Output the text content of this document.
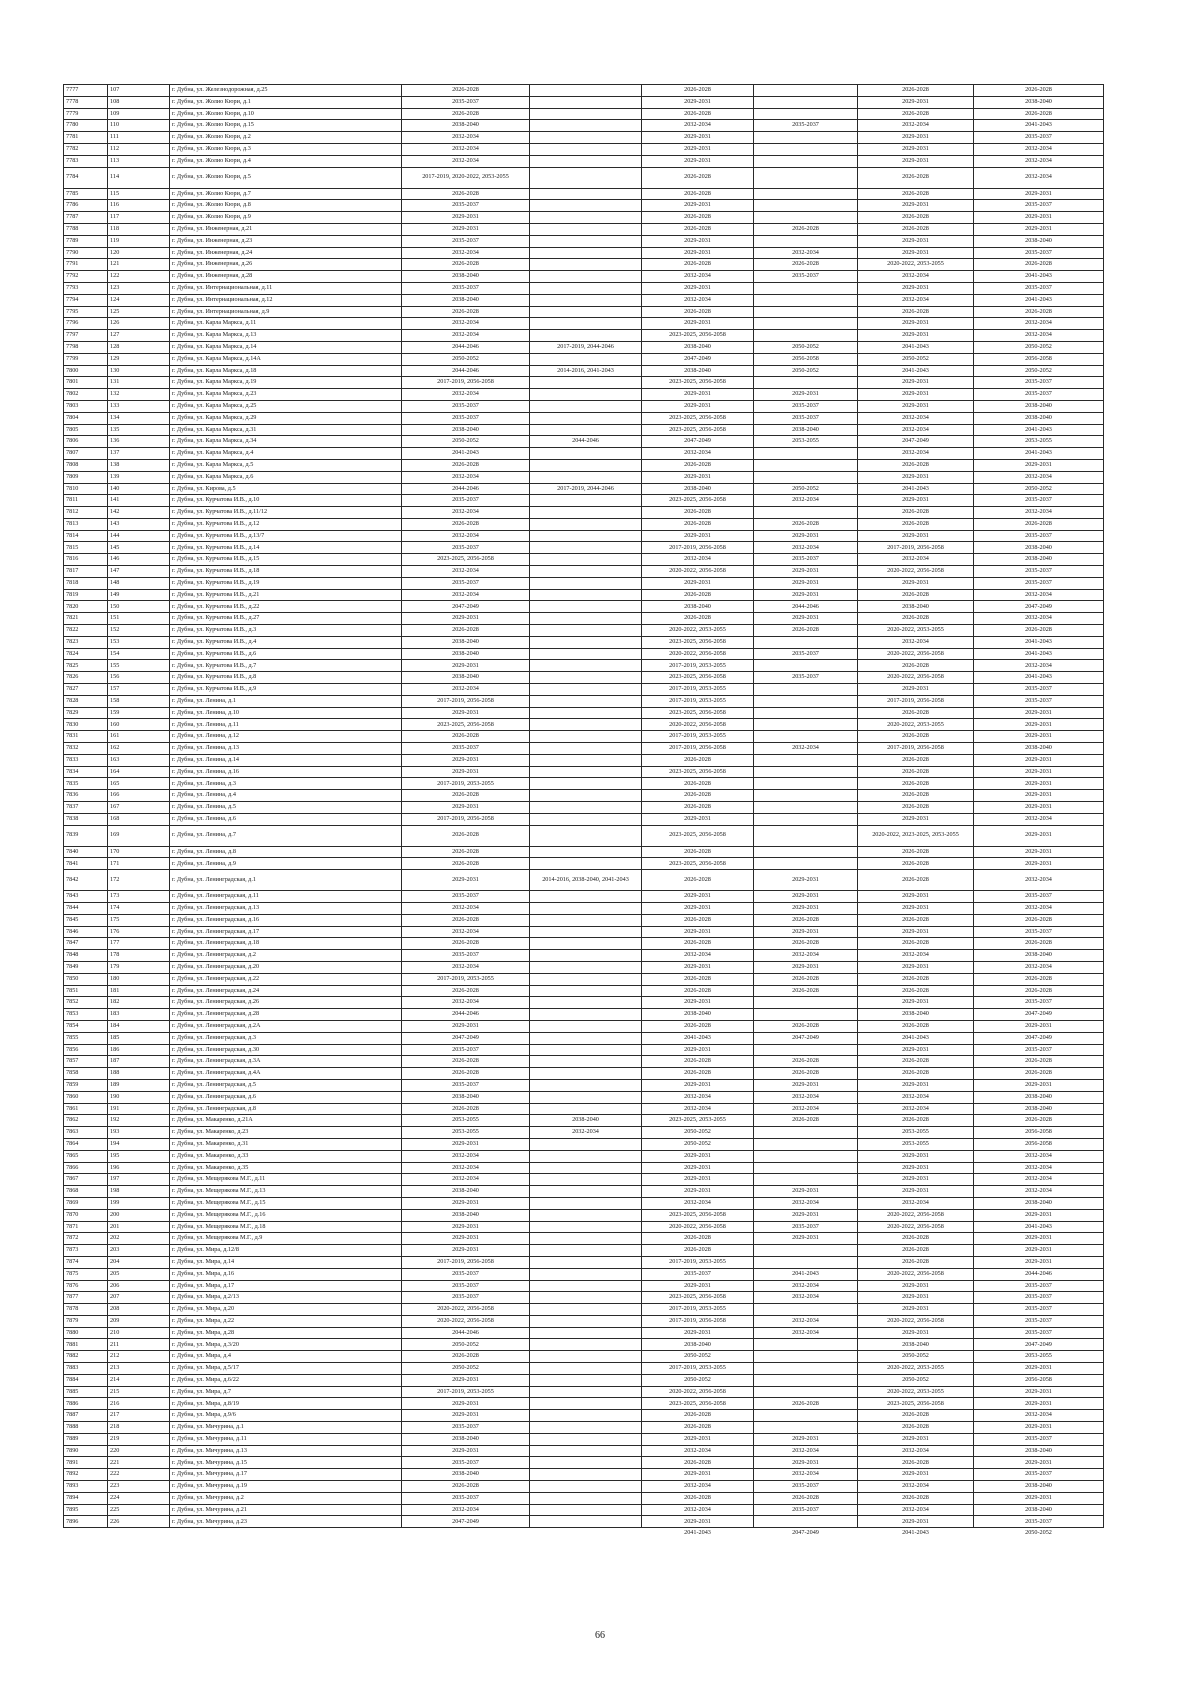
7777	107	г. Дубна, ул. Железнодорожная, д.25	2026-2028		2026-2028		2026-2028	2026-2028
7778	108	г. Дубна, ул. Жолио Кюри, д.1	2035-2037		2029-2031		2029-2031	2038-2040
7779	109	г. Дубна, ул. Жолио Кюри, д.10	2026-2028		2026-2028		2026-2028	2026-2028
7780	110	г. Дубна, ул. Жолио Кюри, д.15	2038-2040		2032-2034	2035-2037	2032-2034	2041-2043
7781	111	г. Дубна, ул. Жолио Кюри, д.2	2032-2034		2029-2031		2029-2031	2035-2037
7782	112	г. Дубна, ул. Жолио Кюри, д.3	2032-2034		2029-2031		2029-2031	2032-2034
7783	113	г. Дубна, ул. Жолио Кюри, д.4	2032-2034		2029-2031		2029-2031	2032-2034
7784	114	г. Дубна, ул. Жолио Кюри, д.5	2017-2019, 2020-2022, 2053-2055		2026-2028		2026-2028	2032-2034
7785	115	г. Дубна, ул. Жолио Кюри, д.7	2026-2028		2026-2028		2026-2028	2029-2031
7786	116	г. Дубна, ул. Жолио Кюри, д.8	2035-2037		2029-2031		2029-2031	2035-2037
7787	117	г. Дубна, ул. Жолио Кюри, д.9	2029-2031		2026-2028		2026-2028	2029-2031
7788	118	г. Дубна, ул. Инженерная, д.21	2029-2031		2026-2028	2026-2028	2026-2028	2029-2031
7789	119	г. Дубна, ул. Инженерная, д.23	2035-2037		2029-2031		2029-2031	2038-2040
7790	120	г. Дубна, ул. Инженерная, д.24	2032-2034		2029-2031	2032-2034	2029-2031	2035-2037
7791	121	г. Дубна, ул. Инженерная, д.26	2026-2028		2026-2028	2026-2028	2020-2022, 2053-2055	2026-2028
7792	122	г. Дубна, ул. Инженерная, д.28	2038-2040		2032-2034	2035-2037	2032-2034	2041-2043
7793	123	г. Дубна, ул. Интернациональная, д.11	2035-2037		2029-2031		2029-2031	2035-2037
7794	124	г. Дубна, ул. Интернациональная, д.12	2038-2040		2032-2034		2032-2034	2041-2043
7795	125	г. Дубна, ул. Интернациональная, д.9	2026-2028		2026-2028		2026-2028	2026-2028
7796	126	г. Дубна, ул. Карла Маркса, д.11	2032-2034		2029-2031		2029-2031	2032-2034
7797	127	г. Дубна, ул. Карла Маркса, д.13	2032-2034		2023-2025, 2056-2058		2029-2031	2032-2034
7798	128	г. Дубна, ул. Карла Маркса, д.14	2044-2046	2017-2019, 2044-2046	2038-2040	2050-2052	2041-2043	2050-2052
7799	129	г. Дубна, ул. Карла Маркса, д.14А	2050-2052		2047-2049	2056-2058	2050-2052	2056-2058
7800	130	г. Дубна, ул. Карла Маркса, д.18	2044-2046	2014-2016, 2041-2043	2038-2040	2050-2052	2041-2043	2050-2052
7801	131	г. Дубна, ул. Карла Маркса, д.19	2017-2019, 2056-2058		2023-2025, 2056-2058		2029-2031	2035-2037
7802	132	г. Дубна, ул. Карла Маркса, д.23	2032-2034		2029-2031	2029-2031	2029-2031	2035-2037
7803	133	г. Дубна, ул. Карла Маркса, д.25	2035-2037		2029-2031	2035-2037	2029-2031	2038-2040
7804	134	г. Дубна, ул. Карла Маркса, д.29	2035-2037		2023-2025, 2056-2058	2035-2037	2032-2034	2038-2040
7805	135	г. Дубна, ул. Карла Маркса, д.31	2038-2040		2023-2025, 2056-2058	2038-2040	2032-2034	2041-2043
7806	136	г. Дубна, ул. Карла Маркса, д.34	2050-2052	2044-2046	2047-2049	2053-2055	2047-2049	2053-2055
7807	137	г. Дубна, ул. Карла Маркса, д.4	2041-2043		2032-2034		2032-2034	2041-2043
7808	138	г. Дубна, ул. Карла Маркса, д.5	2026-2028		2026-2028		2026-2028	2029-2031
7809	139	г. Дубна, ул. Карла Маркса, д.6	2032-2034		2029-2031		2029-2031	2032-2034
7810	140	г. Дубна, ул. Кирова, д.5	2044-2046	2017-2019, 2044-2046	2038-2040	2050-2052	2041-2043	2050-2052
7811	141	г. Дубна, ул. Курчатова И.В., д.10	2035-2037		2023-2025, 2056-2058	2032-2034	2029-2031	2035-2037
7812	142	г. Дубна, ул. Курчатова И.В., д.11/12	2032-2034		2026-2028		2026-2028	2032-2034
7813	143	г. Дубна, ул. Курчатова И.В., д.12	2026-2028		2026-2028	2026-2028	2026-2028	2026-2028
7814	144	г. Дубна, ул. Курчатова И.В., д.13/7	2032-2034		2029-2031	2029-2031	2029-2031	2035-2037
7815	145	г. Дубна, ул. Курчатова И.В., д.14	2035-2037		2017-2019, 2056-2058	2032-2034	2017-2019, 2056-2058	2038-2040
7816	146	г. Дубна, ул. Курчатова И.В., д.15	2023-2025, 2056-2058		2032-2034	2035-2037	2032-2034	2038-2040
7817	147	г. Дубна, ул. Курчатова И.В., д.18	2032-2034		2020-2022, 2056-2058	2029-2031	2020-2022, 2056-2058	2035-2037
7818	148	г. Дубна, ул. Курчатова И.В., д.19	2035-2037		2029-2031	2029-2031	2029-2031	2035-2037
7819	149	г. Дубна, ул. Курчатова И.В., д.21	2032-2034		2026-2028	2029-2031	2026-2028	2032-2034
7820	150	г. Дубна, ул. Курчатова И.В., д.22	2047-2049		2038-2040	2044-2046	2038-2040	2047-2049
7821	151	г. Дубна, ул. Курчатова И.В., д.27	2029-2031		2026-2028	2029-2031	2026-2028	2032-2034
7822	152	г. Дубна, ул. Курчатова И.В., д.3	2026-2028		2020-2022, 2053-2055	2026-2028	2020-2022, 2053-2055	2026-2028
7823	153	г. Дубна, ул. Курчатова И.В., д.4	2038-2040		2023-2025, 2056-2058		2032-2034	2041-2043
7824	154	г. Дубна, ул. Курчатова И.В., д.6	2038-2040		2020-2022, 2056-2058	2035-2037	2020-2022, 2056-2058	2041-2043
7825	155	г. Дубна, ул. Курчатова И.В., д.7	2029-2031		2017-2019, 2053-2055		2026-2028	2032-2034
7826	156	г. Дубна, ул. Курчатова И.В., д.8	2038-2040		2023-2025, 2056-2058	2035-2037	2020-2022, 2056-2058	2041-2043
7827	157	г. Дубна, ул. Курчатова И.В., д.9	2032-2034		2017-2019, 2053-2055		2029-2031	2035-2037
7828	158	г. Дубна, ул. Ленина, д.1	2017-2019, 2056-2058		2017-2019, 2053-2055		2017-2019, 2056-2058	2035-2037
7829	159	г. Дубна, ул. Ленина, д.10	2029-2031		2023-2025, 2056-2058		2026-2028	2029-2031
7830	160	г. Дубна, ул. Ленина, д.11	2023-2025, 2056-2058		2020-2022, 2056-2058		2020-2022, 2053-2055	2029-2031
7831	161	г. Дубна, ул. Ленина, д.12	2026-2028		2017-2019, 2053-2055		2026-2028	2029-2031
7832	162	г. Дубна, ул. Ленина, д.13	2035-2037		2017-2019, 2056-2058	2032-2034	2017-2019, 2056-2058	2038-2040
7833	163	г. Дубна, ул. Ленина, д.14	2029-2031		2026-2028		2026-2028	2029-2031
7834	164	г. Дубна, ул. Ленина, д.16	2029-2031		2023-2025, 2056-2058		2026-2028	2029-2031
7835	165	г. Дубна, ул. Ленина, д.3	2017-2019, 2053-2055		2026-2028		2026-2028	2029-2031
7836	166	г. Дубна, ул. Ленина, д.4	2026-2028		2026-2028		2026-2028	2029-2031
7837	167	г. Дубна, ул. Ленина, д.5	2029-2031		2026-2028		2026-2028	2029-2031
7838	168	г. Дубна, ул. Ленина, д.6	2017-2019, 2056-2058		2029-2031		2029-2031	2032-2034
7839	169	г. Дубна, ул. Ленина, д.7	2026-2028		2023-2025, 2056-2058		2020-2022, 2023-2025, 2053-2055	2029-2031
7840	170	г. Дубна, ул. Ленина, д.8	2026-2028		2026-2028		2026-2028	2029-2031
7841	171	г. Дубна, ул. Ленина, д.9	2026-2028		2023-2025, 2056-2058		2026-2028	2029-2031
7842	172	г. Дубна, ул. Ленинградская, д.1	2029-2031	2014-2016, 2038-2040, 2041-2043	2026-2028	2029-2031	2026-2028	2032-2034
7843	173	г. Дубна, ул. Ленинградская, д.11	2035-2037		2029-2031	2029-2031	2029-2031	2035-2037
7844	174	г. Дубна, ул. Ленинградская, д.13	2032-2034		2029-2031	2029-2031	2029-2031	2032-2034
7845	175	г. Дубна, ул. Ленинградская, д.16	2026-2028		2026-2028	2026-2028	2026-2028	2026-2028
7846	176	г. Дубна, ул. Ленинградская, д.17	2032-2034		2029-2031	2029-2031	2029-2031	2035-2037
7847	177	г. Дубна, ул. Ленинградская, д.18	2026-2028		2026-2028	2026-2028	2026-2028	2026-2028
7848	178	г. Дубна, ул. Ленинградская, д.2	2035-2037		2032-2034	2032-2034	2032-2034	2038-2040
7849	179	г. Дубна, ул. Ленинградская, д.20	2032-2034		2029-2031	2029-2031	2029-2031	2032-2034
7850	180	г. Дубна, ул. Ленинградская, д.22	2017-2019, 2053-2055		2026-2028	2026-2028	2026-2028	2026-2028
7851	181	г. Дубна, ул. Ленинградская, д.24	2026-2028		2026-2028	2026-2028	2026-2028	2026-2028
7852	182	г. Дубна, ул. Ленинградская, д.26	2032-2034		2029-2031		2029-2031	2035-2037
7853	183	г. Дубна, ул. Ленинградская, д.28	2044-2046		2038-2040		2038-2040	2047-2049
7854	184	г. Дубна, ул. Ленинградская, д.2А	2029-2031		2026-2028	2026-2028	2026-2028	2029-2031
7855	185	г. Дубна, ул. Ленинградская, д.3	2047-2049		2041-2043	2047-2049	2041-2043	2047-2049
7856	186	г. Дубна, ул. Ленинградская, д.30	2035-2037		2029-2031		2029-2031	2035-2037
7857	187	г. Дубна, ул. Ленинградская, д.3А	2026-2028		2026-2028	2026-2028	2026-2028	2026-2028
7858	188	г. Дубна, ул. Ленинградская, д.4А	2026-2028		2026-2028	2026-2028	2026-2028	2026-2028
7859	189	г. Дубна, ул. Ленинградская, д.5	2035-2037		2029-2031	2029-2031	2029-2031	2029-2031
7860	190	г. Дубна, ул. Ленинградская, д.6	2038-2040		2032-2034	2032-2034	2032-2034	2038-2040
7861	191	г. Дубна, ул. Ленинградская, д.8	2026-2028		2032-2034	2032-2034	2032-2034	2038-2040
7862	192	г. Дубна, ул. Макаренко, д.21А	2053-2055	2038-2040	2023-2025, 2053-2055	2026-2028	2026-2028	2026-2028
7863	193	г. Дубна, ул. Макаренко, д.23	2053-2055	2032-2034	2050-2052		2053-2055	2056-2058
7864	194	г. Дубна, ул. Макаренко, д.31	2029-2031		2050-2052		2053-2055	2056-2058
7865	195	г. Дубна, ул. Макаренко, д.33	2032-2034		2029-2031		2029-2031	2032-2034
7866	196	г. Дубна, ул. Макаренко, д.35	2032-2034		2029-2031		2029-2031	2032-2034
7867	197	г. Дубна, ул. Мещерякова М.Г., д.11	2032-2034		2029-2031		2029-2031	2032-2034
7868	198	г. Дубна, ул. Мещерякова М.Г., д.13	2038-2040		2029-2031	2029-2031	2029-2031	2032-2034
7869	199	г. Дубна, ул. Мещерякова М.Г., д.15	2029-2031		2032-2034	2032-2034	2032-2034	2038-2040
7870	200	г. Дубна, ул. Мещерякова М.Г., д.16	2038-2040		2023-2025, 2056-2058	2029-2031	2020-2022, 2056-2058	2029-2031
7871	201	г. Дубна, ул. Мещерякова М.Г., д.18	2029-2031		2020-2022, 2056-2058	2035-2037	2020-2022, 2056-2058	2041-2043
7872	202	г. Дубна, ул. Мещерякова М.Г., д.9	2029-2031		2026-2028	2029-2031	2026-2028	2029-2031
7873	203	г. Дубна, ул. Мира, д.12/8	2029-2031		2026-2028		2026-2028	2029-2031
7874	204	г. Дубна, ул. Мира, д.14	2017-2019, 2056-2058		2017-2019, 2053-2055		2026-2028	2029-2031
7875	205	г. Дубна, ул. Мира, д.16	2035-2037		2035-2037	2041-2043	2020-2022, 2056-2058	2044-2046
7876	206	г. Дубна, ул. Мира, д.17	2035-2037		2029-2031	2032-2034	2029-2031	2035-2037
7877	207	г. Дубна, ул. Мира, д.2/13	2035-2037		2023-2025, 2056-2058	2032-2034	2029-2031	2035-2037
7878	208	г. Дубна, ул. Мира, д.20	2020-2022, 2056-2058		2017-2019, 2053-2055		2029-2031	2035-2037
7879	209	г. Дубна, ул. Мира, д.22	2020-2022, 2056-2058		2017-2019, 2056-2058	2032-2034	2020-2022, 2056-2058	2035-2037
7880	210	г. Дубна, ул. Мира, д.28	2044-2046		2029-2031	2032-2034	2029-2031	2035-2037
7881	211	г. Дубна, ул. Мира, д.3/20	2050-2052		2038-2040		2038-2040	2047-2049
7882	212	г. Дубна, ул. Мира, д.4	2026-2028		2050-2052		2050-2052	2053-2055
7883	213	г. Дубна, ул. Мира, д.5/17	2050-2052		2017-2019, 2053-2055		2020-2022, 2053-2055	2029-2031
7884	214	г. Дубна, ул. Мира, д.6/22	2029-2031		2050-2052		2050-2052	2056-2058
7885	215	г. Дубна, ул. Мира, д.7	2017-2019, 2053-2055		2020-2022, 2056-2058		2020-2022, 2053-2055	2029-2031
7886	216	г. Дубна, ул. Мира, д.8/19	2029-2031		2023-2025, 2056-2058	2026-2028	2023-2025, 2056-2058	2029-2031
7887	217	г. Дубна, ул. Мира, д.9/6	2029-2031		2026-2028		2026-2028	2032-2034
7888	218	г. Дубна, ул. Мичурина, д.1	2035-2037		2026-2028		2026-2028	2029-2031
7889	219	г. Дубна, ул. Мичурина, д.11	2038-2040		2029-2031	2029-2031	2029-2031	2035-2037
7890	220	г. Дубна, ул. Мичурина, д.13	2029-2031		2032-2034	2032-2034	2032-2034	2038-2040
7891	221	г. Дубна, ул. Мичурина, д.15	2035-2037		2026-2028	2029-2031	2026-2028	2029-2031
7892	222	г. Дубна, ул. Мичурина, д.17	2038-2040		2029-2031	2032-2034	2029-2031	2035-2037
7893	223	г. Дубна, ул. Мичурина, д.19	2026-2028		2032-2034	2035-2037	2032-2034	2038-2040
7894	224	г. Дубна, ул. Мичурина, д.2	2035-2037		2026-2028	2026-2028	2026-2028	2029-2031
7895	225	г. Дубна, ул. Мичурина, д.21	2032-2034		2032-2034	2035-2037	2032-2034	2038-2040
7896	226	г. Дубна, ул. Мичурина, д.23	2047-2049		2029-2031		2029-2031	2035-2037
					2041-2043	2047-2049	2041-2043	2050-2052
66
